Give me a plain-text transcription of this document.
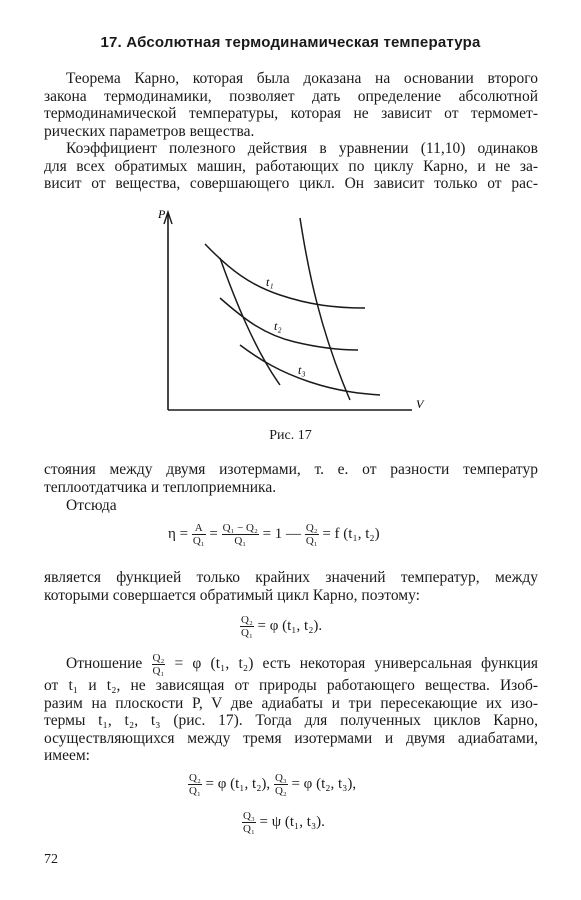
17. Абсолютная термодинамическая температура
Теорема Карно, которая была доказана на основании второго
закона термодинамики, позволяет дать определение абсолютной
термодинамической температуры, которая не зависит от термомет-
рических параметров вещества.
Коэффициент полезного действия в уравнении (11,10) одинаков
для всех обратимых машин, работающих по циклу Карно, и не за-
висит от вещества, совершающего цикл. Он зависит только от рас-
P
V
t₁
t₂
t₃
Рис. 17
стояния между двумя изотермами, т. е. от разности температур
теплоотдатчика и теплоприемника.
Отсюда
$\eta = \frac{A}{\text{Q₁}} = \frac{\text{Q₁ − Q₂}}{\text{Q₁}} = 1$ — $\frac{\text{Q₂}}{\text{Q₁}} = f$ (t₁, t₂)
является функцией только крайних значений температур, между
которыми совершается обратимый цикл Карно, поэтому:
$\frac{\text{Q₂}}{\text{Q₁}} = \varphi$ (t₁, t₂).
Отношение $\frac{\text{Q₂}}{\text{Q₁}} = \varphi$ (t₁, t₂) есть некоторая универсальная функция
от t₁ и t₂, не зависящая от природы работающего вещества. Изоб-
разим на плоскости P, V две адиабаты и три пересекающие их изо-
термы t₁, t₂, t₃ (рис. 17). Тогда для полученных циклов Карно,
осуществляющихся между тремя изотермами и двумя адиабатами,
имеем:
$\frac{\text{Q₂}}{\text{Q₁}} = \varphi$ (t₁, t₂), $\frac{\text{Q₃}}{\text{Q₂}} = \varphi$ (t₂, t₃),
$\frac{\text{Q₃}}{\text{Q₁}} = \psi$ (t₁, t₃).
72
